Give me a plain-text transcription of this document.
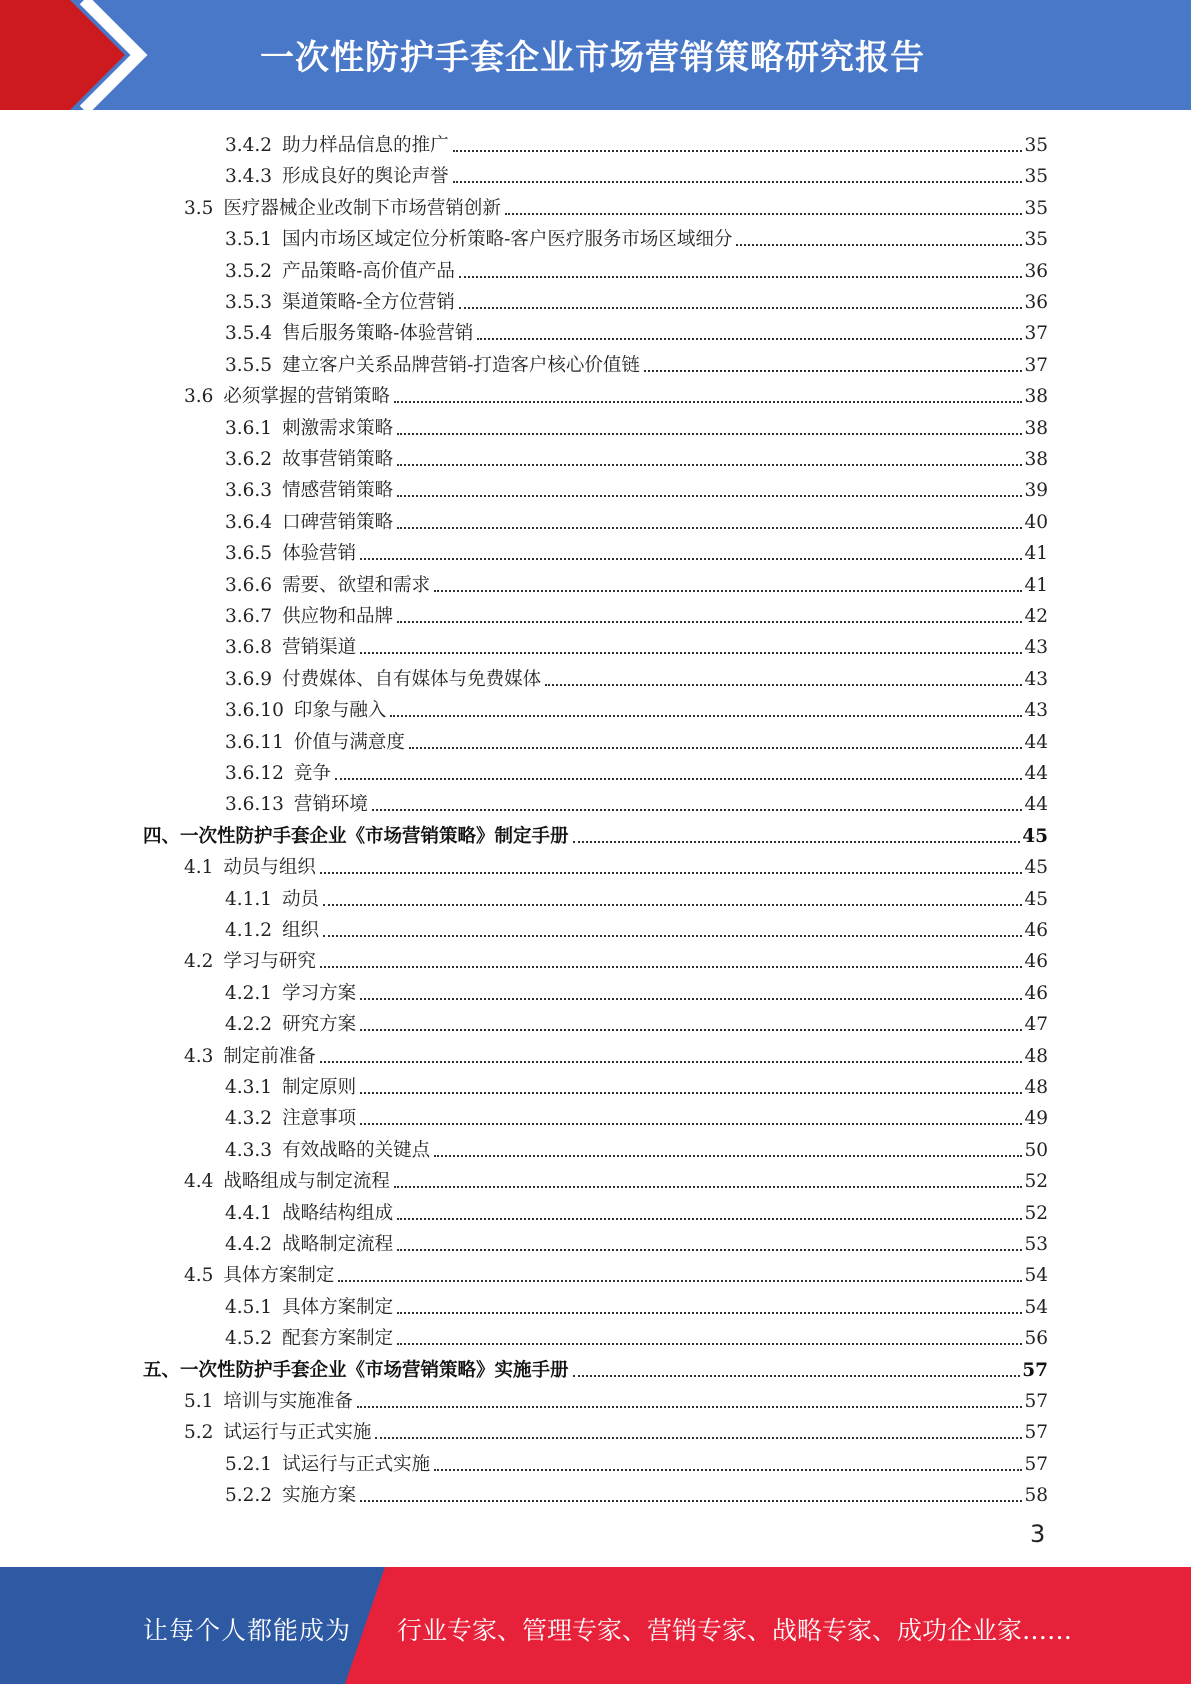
一次性防护手套企业市场营销策略研究报告
3.4.2 助力样品信息的推广	35
3.4.3 形成良好的舆论声誉	35
3.5 医疗器械企业改制下市场营销创新	35
3.5.1 国内市场区域定位分析策略-客户医疗服务市场区域细分	35
3.5.2 产品策略-高价值产品	36
3.5.3 渠道策略-全方位营销	36
3.5.4 售后服务策略-体验营销	37
3.5.5 建立客户关系品牌营销-打造客户核心价值链	37
3.6 必须掌握的营销策略	38
3.6.1 刺激需求策略	38
3.6.2 故事营销策略	38
3.6.3 情感营销策略	39
3.6.4 口碑营销策略	40
3.6.5 体验营销	41
3.6.6 需要、欲望和需求	41
3.6.7 供应物和品牌	42
3.6.8 营销渠道	43
3.6.9 付费媒体、自有媒体与免费媒体	43
3.6.10 印象与融入	43
3.6.11 价值与满意度	44
3.6.12 竞争	44
3.6.13 营销环境	44
四、 一次性防护手套企业《市场营销策略》制定手册	45
4.1 动员与组织	45
4.1.1 动员	45
4.1.2 组织	46
4.2 学习与研究	46
4.2.1 学习方案	46
4.2.2 研究方案	47
4.3 制定前准备	48
4.3.1 制定原则	48
4.3.2 注意事项	49
4.3.3 有效战略的关键点	50
4.4 战略组成与制定流程	52
4.4.1 战略结构组成	52
4.4.2 战略制定流程	53
4.5 具体方案制定	54
4.5.1 具体方案制定	54
4.5.2 配套方案制定	56
五、 一次性防护手套企业《市场营销策略》实施手册	57
5.1 培训与实施准备	57
5.2 试运行与正式实施	57
5.2.1 试运行与正式实施	57
5.2.2 实施方案	58
3
让每个人都能成为 行业专家、管理专家、营销专家、战略专家、成功企业家……
